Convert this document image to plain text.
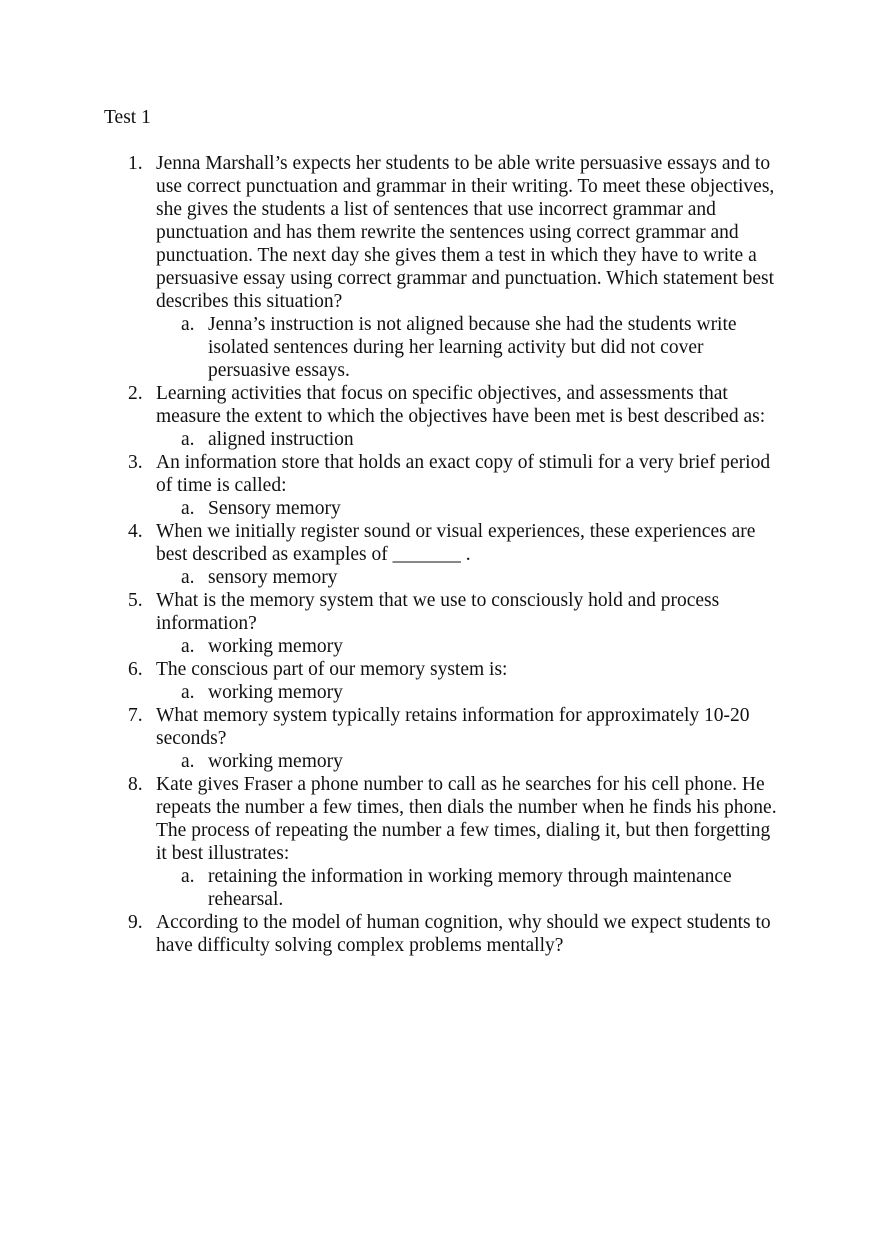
Test 1
1. Jenna Marshall’s expects her students to be able write persuasive essays and to use correct punctuation and grammar in their writing. To meet these objectives, she gives the students a list of sentences that use incorrect grammar and punctuation and has them rewrite the sentences using correct grammar and punctuation. The next day she gives them a test in which they have to write a persuasive essay using correct grammar and punctuation. Which statement best describes this situation?
a. Jenna’s instruction is not aligned because she had the students write isolated sentences during her learning activity but did not cover persuasive essays.
2. Learning activities that focus on specific objectives, and assessments that measure the extent to which the objectives have been met is best described as:
a. aligned instruction
3. An information store that holds an exact copy of stimuli for a very brief period of time is called:
a. Sensory memory
4. When we initially register sound or visual experiences, these experiences are best described as examples of _______ .
a. sensory memory
5. What is the memory system that we use to consciously hold and process information?
a. working memory
6. The conscious part of our memory system is:
a. working memory
7. What memory system typically retains information for approximately 10-20 seconds?
a. working memory
8. Kate gives Fraser a phone number to call as he searches for his cell phone. He repeats the number a few times, then dials the number when he finds his phone. The process of repeating the number a few times, dialing it, but then forgetting it best illustrates:
a. retaining the information in working memory through maintenance rehearsal.
9. According to the model of human cognition, why should we expect students to have difficulty solving complex problems mentally?
